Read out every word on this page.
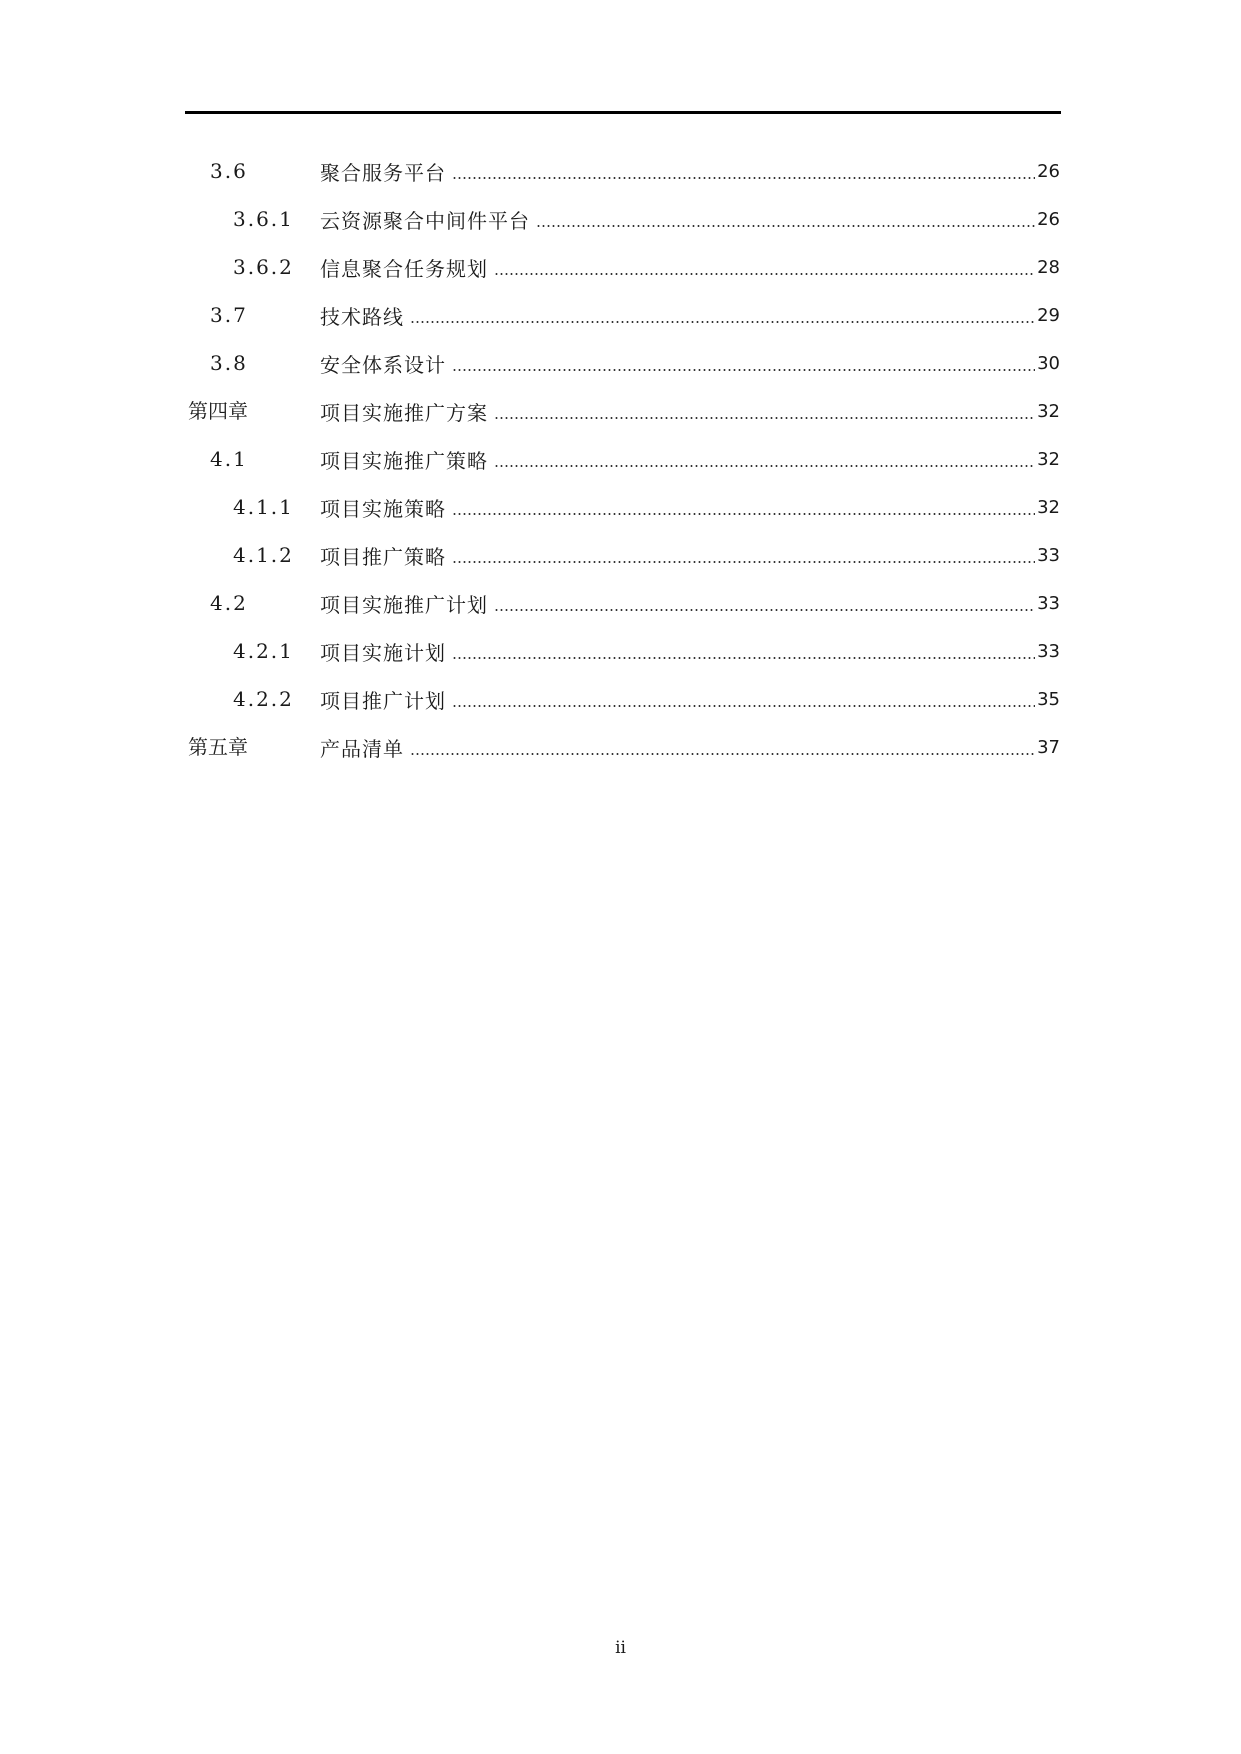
3.6	聚合服务平台	26
3.6.1 云资源聚合中间件平台	26
3.6.2 信息聚合任务规划	28
3.7	技术路线	29
3.8	安全体系设计	30
第四章	项目实施推广方案	32
4.1	项目实施推广策略	32
4.1.1 项目实施策略	32
4.1.2 项目推广策略	33
4.2	项目实施推广计划	33
4.2.1 项目实施计划	33
4.2.2 项目推广计划	35
第五章	产品清单	37
ii
